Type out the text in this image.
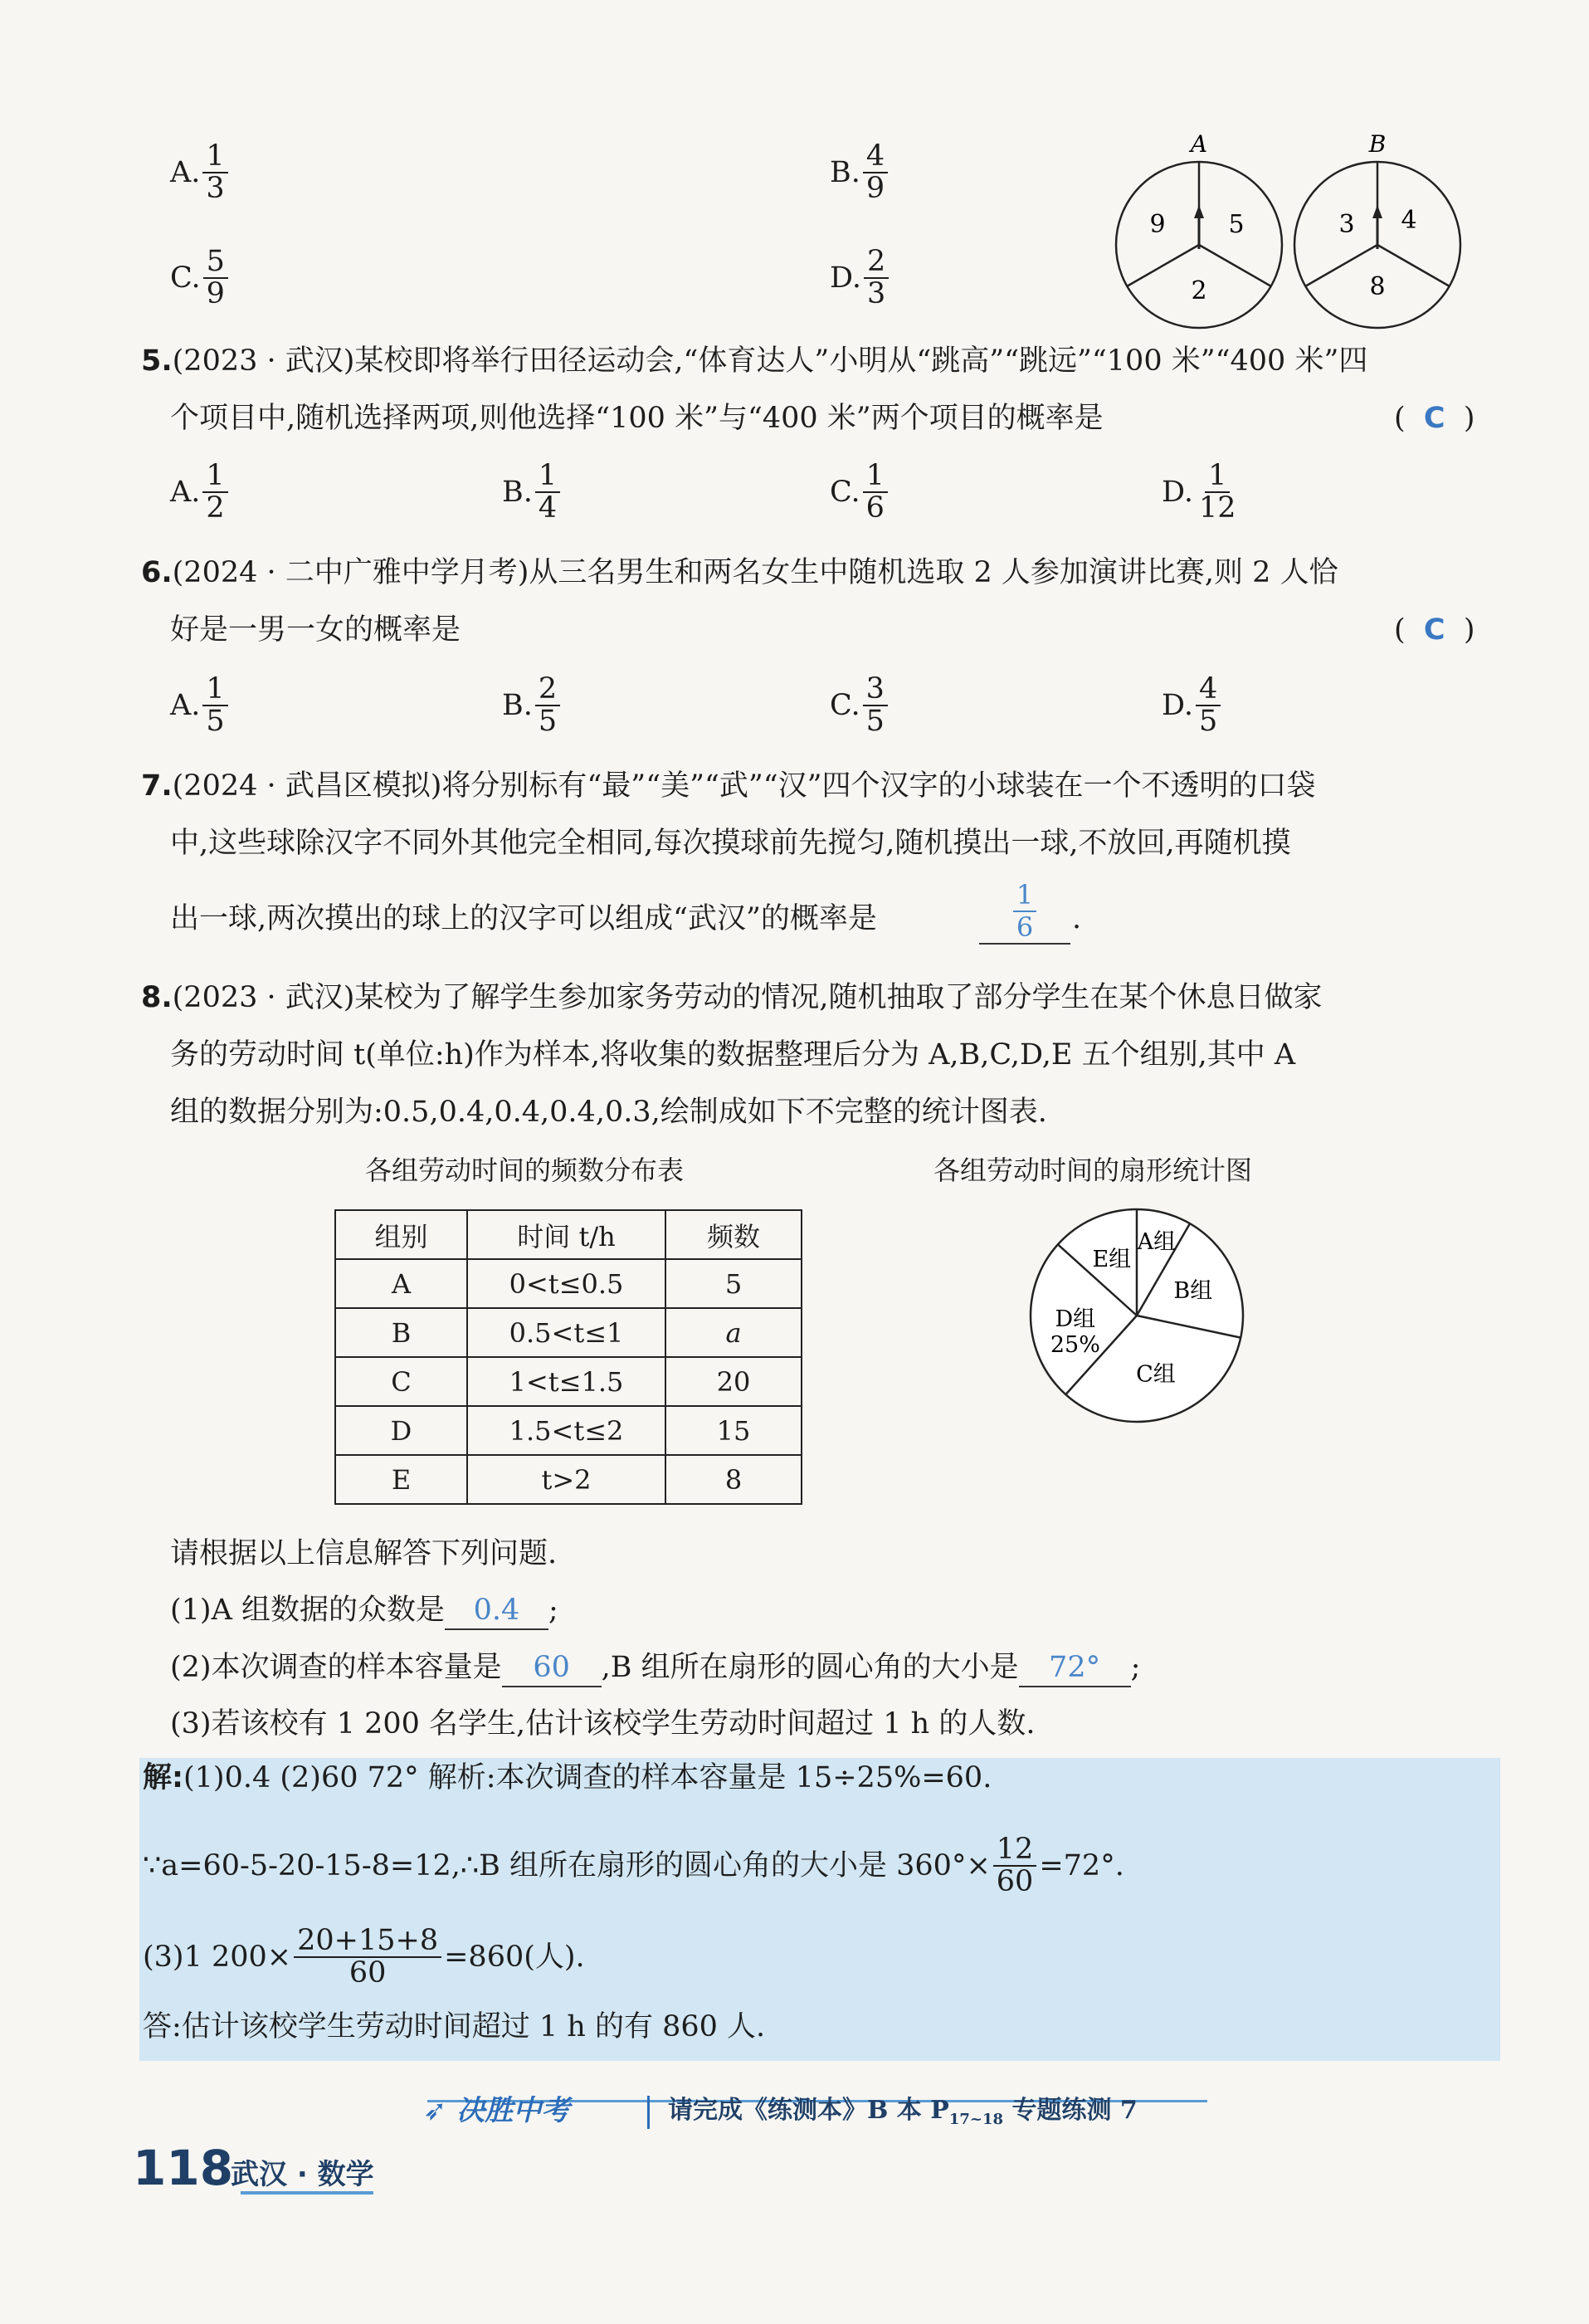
A. $\frac{1}{3}$	B. $\frac{4}{9}$
C. $\frac{5}{9}$	D. $\frac{2}{3}$
A
9	5
2
B
3 4
8
5.(2023 · 武汉)某校即将举行田径运动会,“体育达人”小明从“跳高”“跳远”“100 米”“400 米”四
个项目中,随机选择两项,则他选择“100 米”与“400 米”两个项目的概率是	( C )
A. $\frac{1}{2}$	B. $\frac{1}{4}$	C. $\frac{1}{6}$	D. $\frac{1}{12}$
6.(2024 · 二中广雅中学月考)从三名男生和两名女生中随机选取 2 人参加演讲比赛,则 2 人恰
好是一男一女的概率是	( C )
A. $\frac{1}{5}$	B. $\frac{2}{5}$	C. $\frac{3}{5}$	D. $\frac{4}{5}$
7.(2024 · 武昌区模拟)将分别标有“最”“美”“武”“汉”四个汉字的小球装在一个不透明的口袋
中,这些球除汉字不同外其他完全相同,每次摸球前先搅匀,随机摸出一球,不放回,再随机摸
出一球,两次摸出的球上的汉字可以组成“武汉”的概率是	$\frac{1}{6}$ .
8.(2023 · 武汉)某校为了解学生参加家务劳动的情况,随机抽取了部分学生在某个休息日做家
务的劳动时间 t(单位:h)作为样本,将收集的数据整理后分为 A,B,C,D,E 五个组别,其中 A
组的数据分别为:0.5,0.4,0.4,0.4,0.3,绘制成如下不完整的统计图表.
各组劳动时间的频数分布表
组别	时间 t/h	频数
A	0<t≤0.5	5
B	0.5<t≤1	a
C	1<t≤1.5	20
D	1.5<t≤2	15
E	t>2	8
各组劳动时间的扇形统计图
A组
B组
C组
D组
25%
E组
请根据以上信息解答下列问题.
(1)A 组数据的众数是 0.4 ;
(2)本次调查的样本容量是 60 ,B 组所在扇形的圆心角的大小是 72° ;
(3)若该校有 1 200 名学生,估计该校学生劳动时间超过 1 h 的人数.
解:(1)0.4 (2)60 72° 解析:本次调查的样本容量是 15÷25%=60.
∵a=60-5-20-15-8=12,∴B 组所在扇形的圆心角的大小是 $360^\circ\times \frac{12}{60} =72^\circ$.
(3)1 $200\times \frac{20+15+8}{60} =860$(人).
答:估计该校学生劳动时间超过 1 h 的有 860 人.
➶ 决胜中考	请完成《练测本》B 本 $P_{17\sim 18}$ 专题练测 7
118
武汉 · 数学
